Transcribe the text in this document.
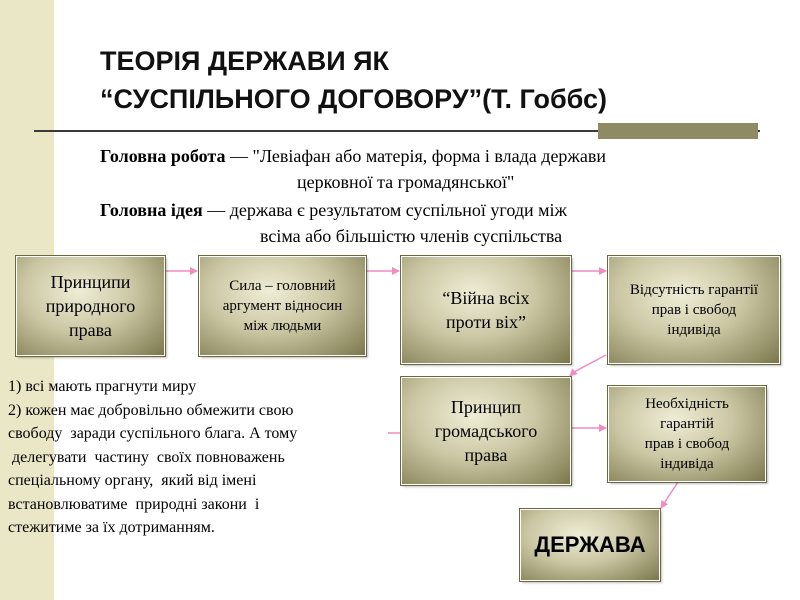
ТЕОРІЯ ДЕРЖАВИ ЯК
“СУСПІЛЬНОГО ДОГОВОРУ”(Т. Гоббс)
Головна робота — "Левіафан або матерія, форма і влада держави
церковної та громадянської"
Головна ідея — держава є результатом суспільної угоди між
всіма або більшістю членів суспільства
Принципи
природного
права
Сила – головний
аргумент відносин
між людьми
“Війна всіх
проти віх”
Відсутність гарантії
прав і свобод
індивіда
Принцип
громадського
права
Необхідність
гарантій
прав і свобод
індивіда
ДЕРЖАВА
1) всі мають прагнути миру
2) кожен має добровільно обмежити свою
свободу  заради суспільного блага. А тому
делегувати  частину  своїх повноважень
спеціальному органу,  який від імені
встановлюватиме  природні закони  і
стежитиме за їх дотриманням.
